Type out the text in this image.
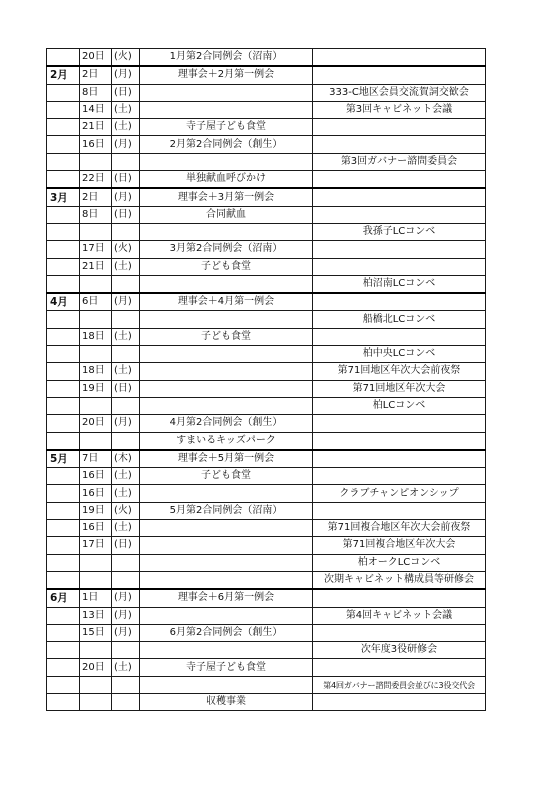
	20日	(火)	1月第2合同例会（沼南）	
2月	2日	(月)	理事会＋2月第一例会	
	8日	(日)		333-C地区会員交流賀詞交歓会
	14日	(土)		第3回キャビネット会議
	21日	(土)	寺子屋子ども食堂	
	16日	(月)	2月第2合同例会（創生）	
				第3回ガバナー諮問委員会
	22日	(日)	単独献血呼びかけ	
3月	2日	(月)	理事会＋3月第一例会	
	8日	(日)	合同献血	
				我孫子LCコンベ
	17日	(火)	3月第2合同例会（沼南）	
	21日	(土)	子ども食堂	
				柏沼南LCコンベ
4月	6日	(月)	理事会＋4月第一例会	
				船橋北LCコンベ
	18日	(土)	子ども食堂	
				柏中央LCコンベ
	18日	(土)		第71回地区年次大会前夜祭
	19日	(日)		第71回地区年次大会
				柏LCコンベ
	20日	(月)	4月第2合同例会（創生）	
			すまいるキッズパーク	
5月	7日	(木)	理事会＋5月第一例会	
	16日	(土)	子ども食堂	
	16日	(土)		クラブチャンピオンシップ
	19日	(火)	5月第2合同例会（沼南）	
	16日	(土)		第71回複合地区年次大会前夜祭
	17日	(日)		第71回複合地区年次大会
				柏オークLCコンベ
				次期キャビネット構成員等研修会
6月	1日	(月)	理事会＋6月第一例会	
	13日	(月)		第4回キャビネット会議
	15日	(月)	6月第2合同例会（創生）	
				次年度3役研修会
	20日	(土)	寺子屋子ども食堂	
				第4回ガバナー諮問委員会並びに3役交代会
			収穫事業	
